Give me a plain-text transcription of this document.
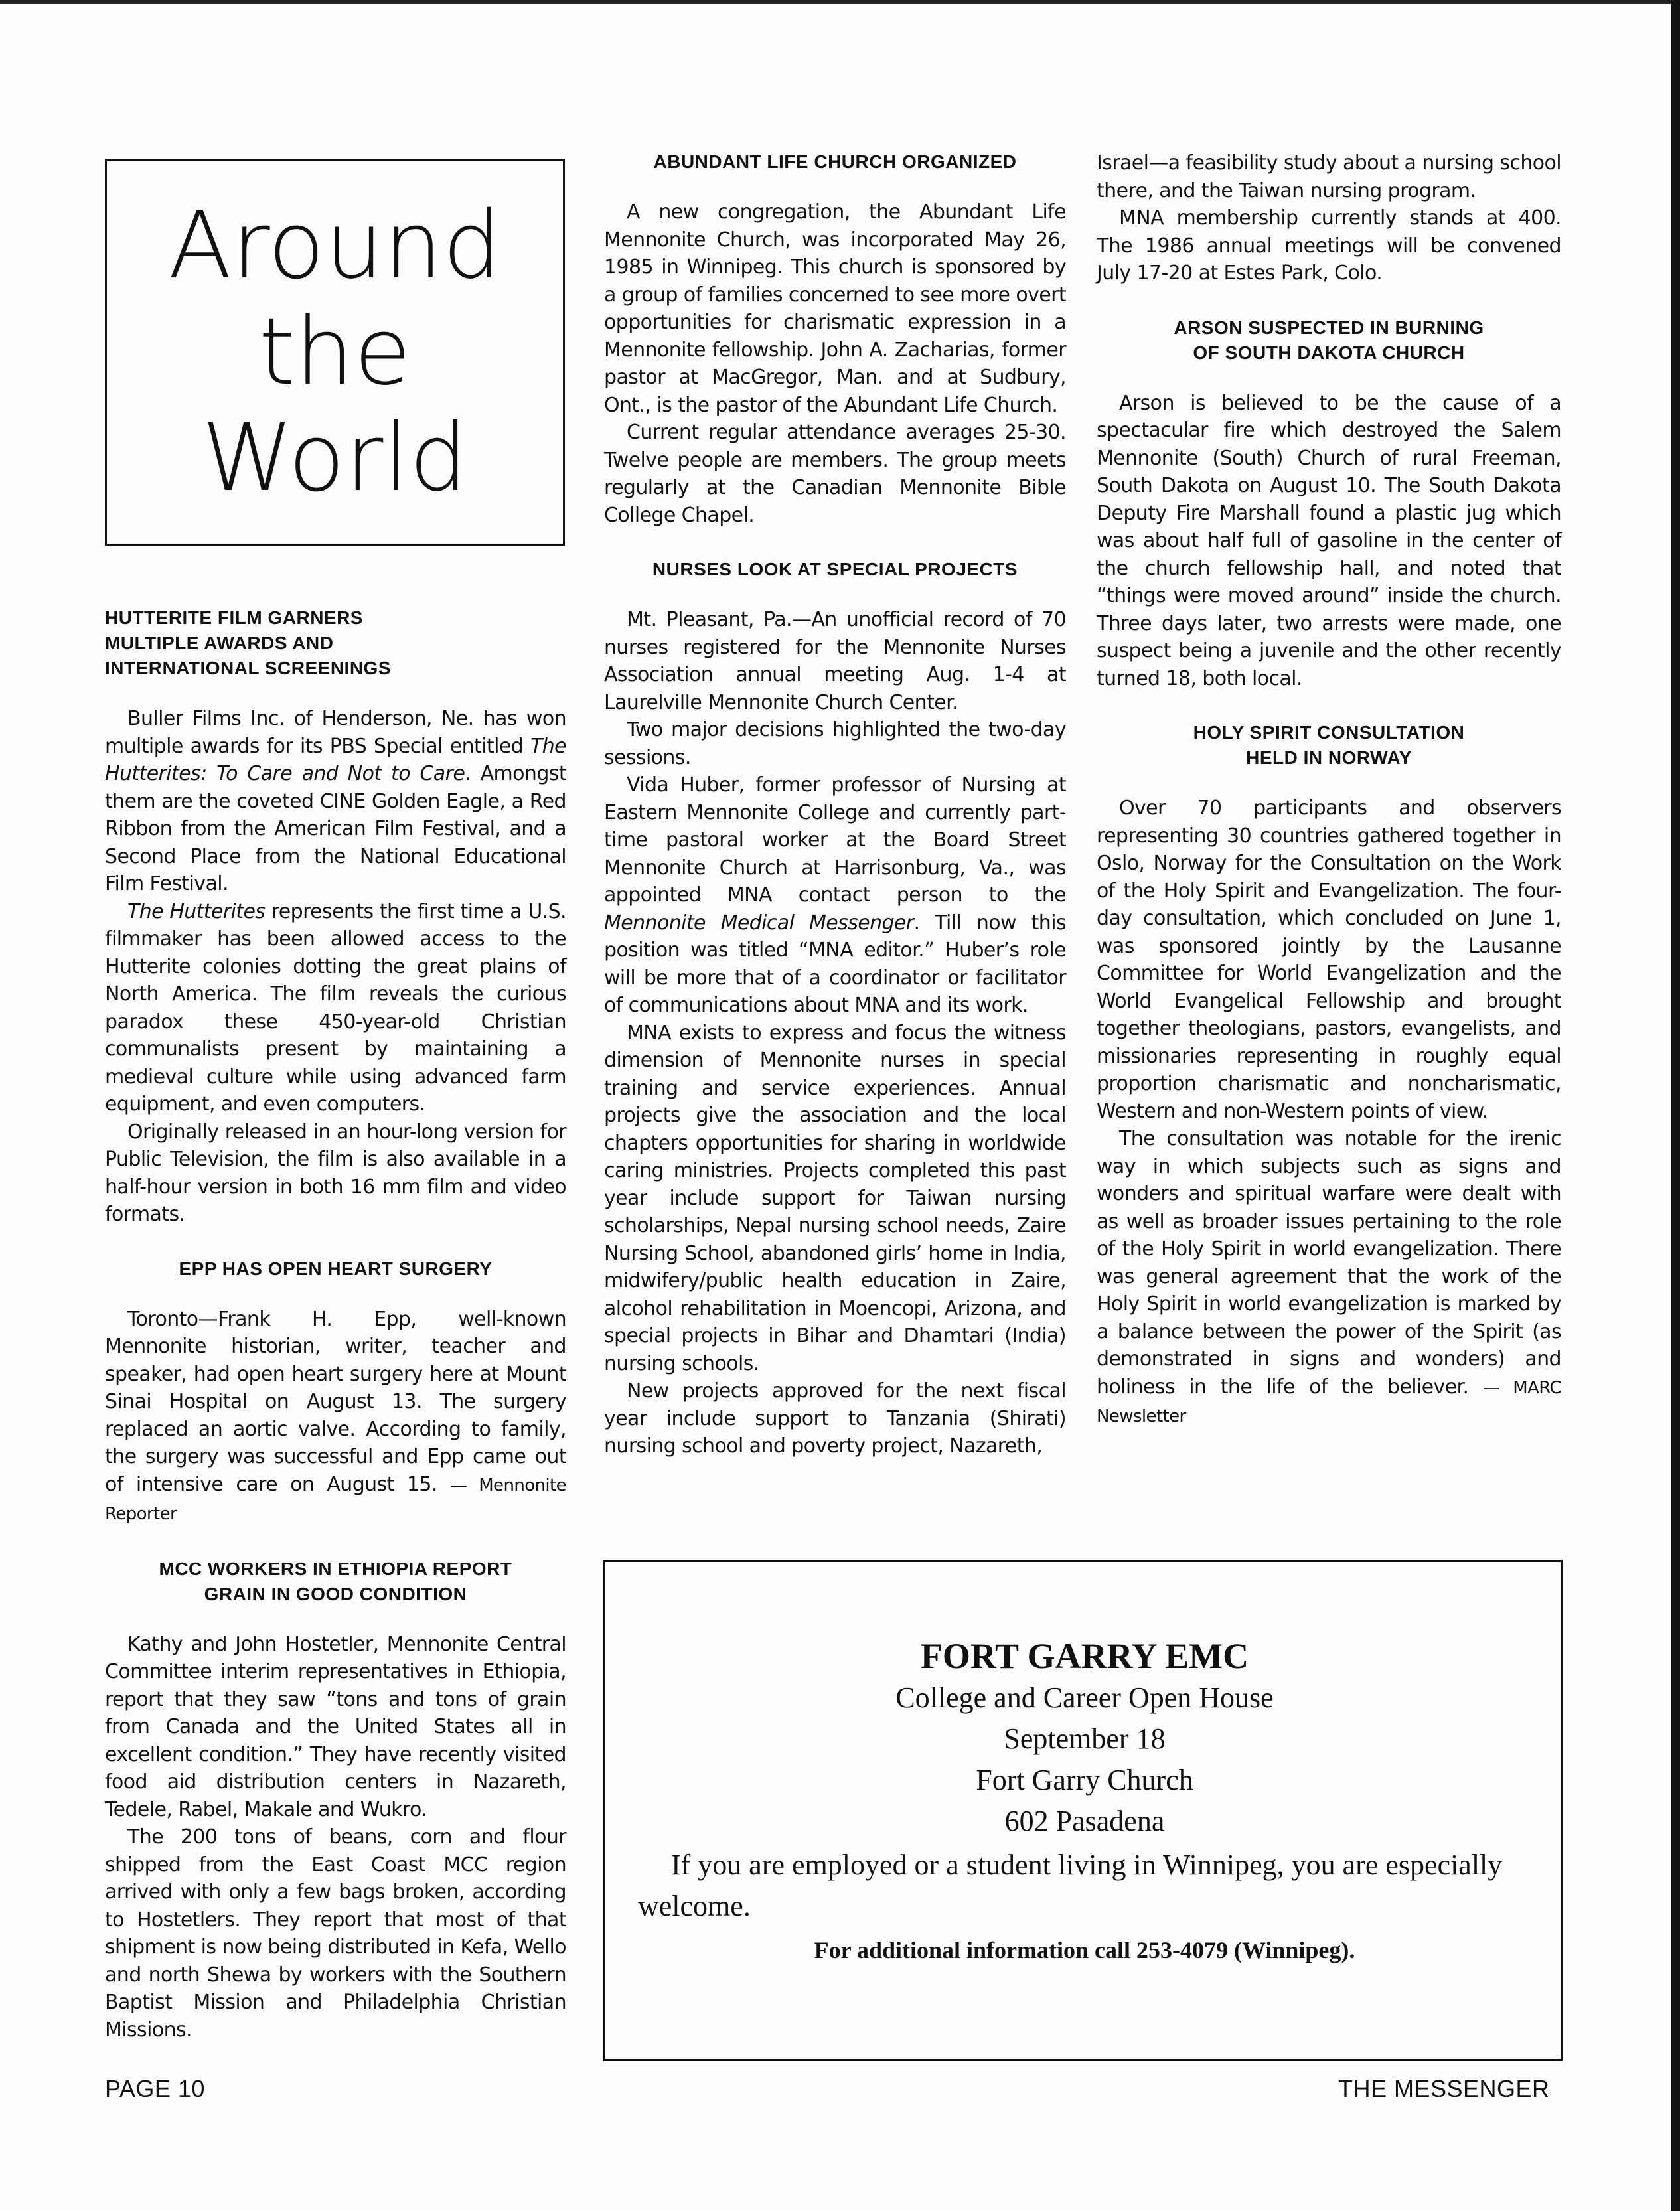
Around
the
World
HUTTERITE FILM GARNERS
MULTIPLE AWARDS AND
INTERNATIONAL SCREENINGS

Buller Films Inc. of Henderson, Ne. has won multiple awards for its PBS Special entitled The Hutterites: To Care and Not to Care. Amongst them are the coveted CINE Golden Eagle, a Red Ribbon from the American Film Festival, and a Second Place from the National Educational Film Festival.

The Hutterites represents the first time a U.S. filmmaker has been allowed access to the Hutterite colonies dotting the great plains of North America. The film reveals the curious paradox these 450-year-old Christian communalists present by maintaining a medieval culture while using advanced farm equipment, and even computers.

Originally released in an hour-long version for Public Television, the film is also available in a half-hour version in both 16 mm film and video formats.

EPP HAS OPEN HEART SURGERY

Toronto—Frank H. Epp, well-known Mennonite historian, writer, teacher and speaker, had open heart surgery here at Mount Sinai Hospital on August 13. The surgery replaced an aortic valve. According to family, the surgery was successful and Epp came out of intensive care on August 15. — Mennonite Reporter

MCC WORKERS IN ETHIOPIA REPORT
GRAIN IN GOOD CONDITION

Kathy and John Hostetler, Mennonite Central Committee interim representatives in Ethiopia, report that they saw “tons and tons of grain from Canada and the United States all in excellent condition.” They have recently visited food aid distribution centers in Nazareth, Tedele, Rabel, Makale and Wukro.

The 200 tons of beans, corn and flour shipped from the East Coast MCC region arrived with only a few bags broken, according to Hostetlers. They report that most of that shipment is now being distributed in Kefa, Wello and north Shewa by workers with the Southern Baptist Mission and Philadelphia Christian Missions.

ABUNDANT LIFE CHURCH ORGANIZED

A new congregation, the Abundant Life Mennonite Church, was incorporated May 26, 1985 in Winnipeg. This church is sponsored by a group of families concerned to see more overt opportunities for charismatic expression in a Mennonite fellowship. John A. Zacharias, former pastor at MacGregor, Man. and at Sudbury, Ont., is the pastor of the Abundant Life Church.

Current regular attendance averages 25-30. Twelve people are members. The group meets regularly at the Canadian Mennonite Bible College Chapel.

NURSES LOOK AT SPECIAL PROJECTS

Mt. Pleasant, Pa.—An unofficial record of 70 nurses registered for the Mennonite Nurses Association annual meeting Aug. 1-4 at Laurelville Mennonite Church Center.

Two major decisions highlighted the two-day sessions.

Vida Huber, former professor of Nursing at Eastern Mennonite College and currently part-time pastoral worker at the Board Street Mennonite Church at Harrisonburg, Va., was appointed MNA contact person to the Mennonite Medical Messenger. Till now this position was titled “MNA editor.” Huber’s role will be more that of a coordinator or facilitator of communications about MNA and its work.

MNA exists to express and focus the witness dimension of Mennonite nurses in special training and service experiences. Annual projects give the association and the local chapters opportunities for sharing in worldwide caring ministries. Projects completed this past year include support for Taiwan nursing scholarships, Nepal nursing school needs, Zaire Nursing School, abandoned girls’ home in India, midwifery/public health education in Zaire, alcohol rehabilitation in Moencopi, Arizona, and special projects in Bihar and Dhamtari (India) nursing schools.

New projects approved for the next fiscal year include support to Tanzania (Shirati) nursing school and poverty project, Nazareth,

Israel—a feasibility study about a nursing school there, and the Taiwan nursing program.

MNA membership currently stands at 400. The 1986 annual meetings will be convened July 17-20 at Estes Park, Colo.

ARSON SUSPECTED IN BURNING
OF SOUTH DAKOTA CHURCH

Arson is believed to be the cause of a spectacular fire which destroyed the Salem Mennonite (South) Church of rural Freeman, South Dakota on August 10. The South Dakota Deputy Fire Marshall found a plastic jug which was about half full of gasoline in the center of the church fellowship hall, and noted that “things were moved around” inside the church. Three days later, two arrests were made, one suspect being a juvenile and the other recently turned 18, both local.

HOLY SPIRIT CONSULTATION
HELD IN NORWAY

Over 70 participants and observers representing 30 countries gathered together in Oslo, Norway for the Consultation on the Work of the Holy Spirit and Evangelization. The four-day consultation, which concluded on June 1, was sponsored jointly by the Lausanne Committee for World Evangelization and the World Evangelical Fellowship and brought together theologians, pastors, evangelists, and missionaries representing in roughly equal proportion charismatic and noncharismatic, Western and non-Western points of view.

The consultation was notable for the irenic way in which subjects such as signs and wonders and spiritual warfare were dealt with as well as broader issues pertaining to the role of the Holy Spirit in world evangelization. There was general agreement that the work of the Holy Spirit in world evangelization is marked by a balance between the power of the Spirit (as demonstrated in signs and wonders) and holiness in the life of the believer. — MARC Newsletter

FORT GARRY EMC
College and Career Open House
September 18
Fort Garry Church
602 Pasadena
If you are employed or a student living in Winnipeg, you are especially welcome.
For additional information call 253-4079 (Winnipeg).
PAGE 10	THE MESSENGER
